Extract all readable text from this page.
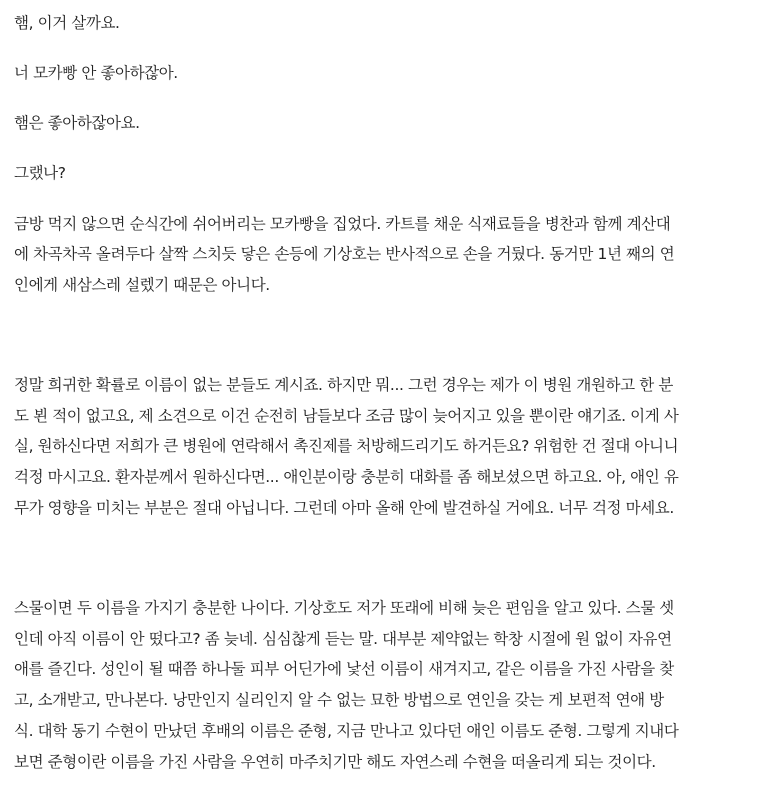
햄, 이거 살까요.
너 모카빵 안 좋아하잖아.
햄은 좋아하잖아요.
그랬나?
금방 먹지 않으면 순식간에 쉬어버리는 모카빵을 집었다. 카트를 채운 식재료들을 병찬과 함께 계산대
에 차곡차곡 올려두다 살짝 스치듯 닿은 손등에 기상호는 반사적으로 손을 거뒀다. 동거만 1년 째의 연
인에게 새삼스레 설렜기 때문은 아니다.
정말 희귀한 확률로 이름이 없는 분들도 계시죠. 하지만 뭐... 그런 경우는 제가 이 병원 개원하고 한 분
도 뵌 적이 없고요, 제 소견으로 이건 순전히 남들보다 조금 많이 늦어지고 있을 뿐이란 얘기죠. 이게 사
실, 원하신다면 저희가 큰 병원에 연락해서 촉진제를 처방해드리기도 하거든요? 위험한 건 절대 아니니
걱정 마시고요. 환자분께서 원하신다면... 애인분이랑 충분히 대화를 좀 해보셨으면 하고요. 아, 애인 유
무가 영향을 미치는 부분은 절대 아닙니다. 그런데 아마 올해 안에 발견하실 거에요. 너무 걱정 마세요.
스물이면 두 이름을 가지기 충분한 나이다. 기상호도 저가 또래에 비해 늦은 편임을 알고 있다. 스물 셋
인데 아직 이름이 안 떴다고? 좀 늦네. 심심찮게 듣는 말. 대부분 제약없는 학창 시절에 원 없이 자유연
애를 즐긴다. 성인이 될 때쯤 하나둘 피부 어딘가에 낯선 이름이 새겨지고, 같은 이름을 가진 사람을 찾
고, 소개받고, 만나본다. 낭만인지 실리인지 알 수 없는 묘한 방법으로 연인을 갖는 게 보편적 연애 방
식. 대학 동기 수현이 만났던 후배의 이름은 준형, 지금 만나고 있다던 애인 이름도 준형. 그렇게 지내다
보면 준형이란 이름을 가진 사람을 우연히 마주치기만 해도 자연스레 수현을 떠올리게 되는 것이다.
